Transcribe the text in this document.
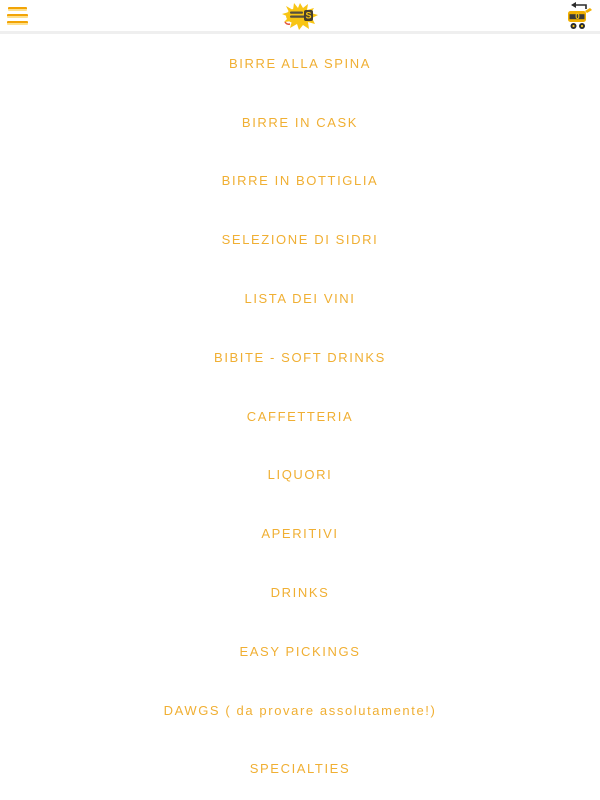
S	0
BIRRE ALLA SPINA
BIRRE IN CASK
BIRRE IN BOTTIGLIA
SELEZIONE DI SIDRI
LISTA DEI VINI
BIBITE - SOFT DRINKS
CAFFETTERIA
LIQUORI
APERITIVI
DRINKS
EASY PICKINGS
DAWGS ( da provare assolutamente!)
SPECIALTIES
